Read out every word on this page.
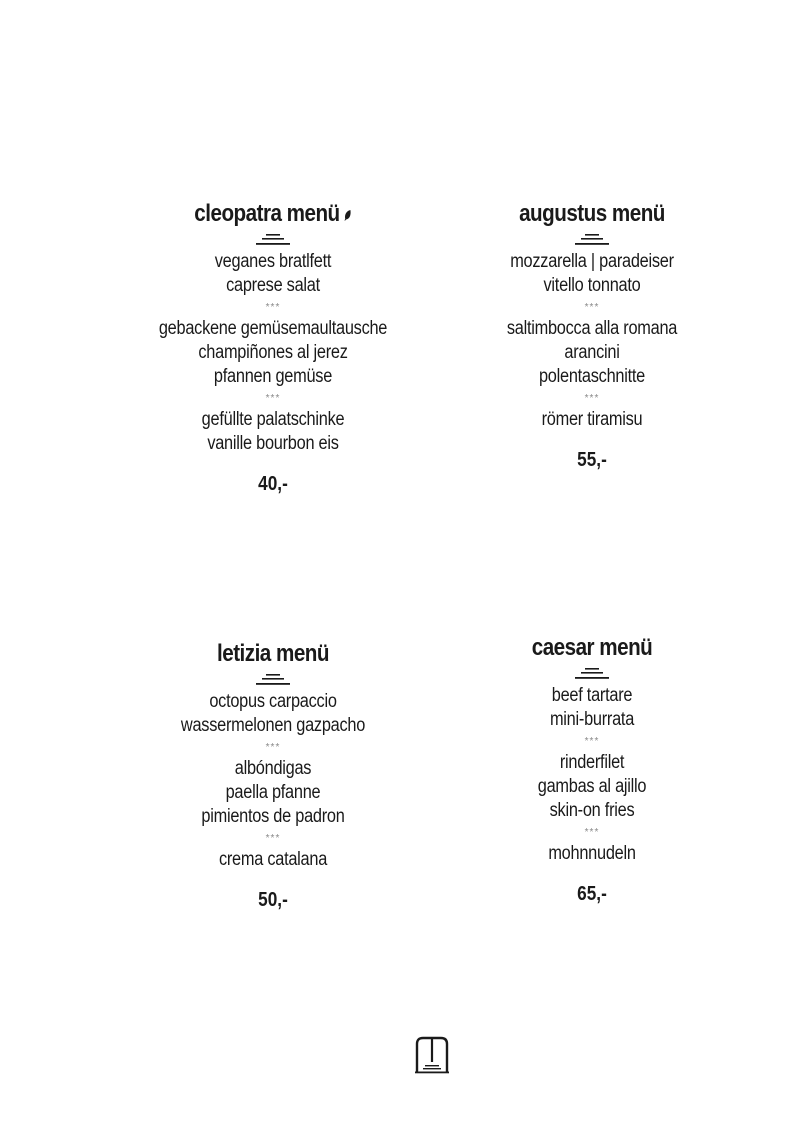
cleopatra menü
veganes bratlfett
caprese salat
***
gebackene gemüsemaultausche
champiñones al jerez
pfannen gemüse
***
gefüllte palatschinke
vanille bourbon eis
40,-
augustus menü
mozzarella | paradeiser
vitello tonnato
***
saltimbocca alla romana
arancini
polentaschnitte
***
römer tiramisu
55,-
letizia menü
octopus carpaccio
wassermelonen gazpacho
***
albóndigas
paella pfanne
pimientos de padron
***
crema catalana
50,-
caesar menü
beef tartare
mini-burrata
***
rinderfilet
gambas al ajillo
skin-on fries
***
mohnnudeln
65,-
